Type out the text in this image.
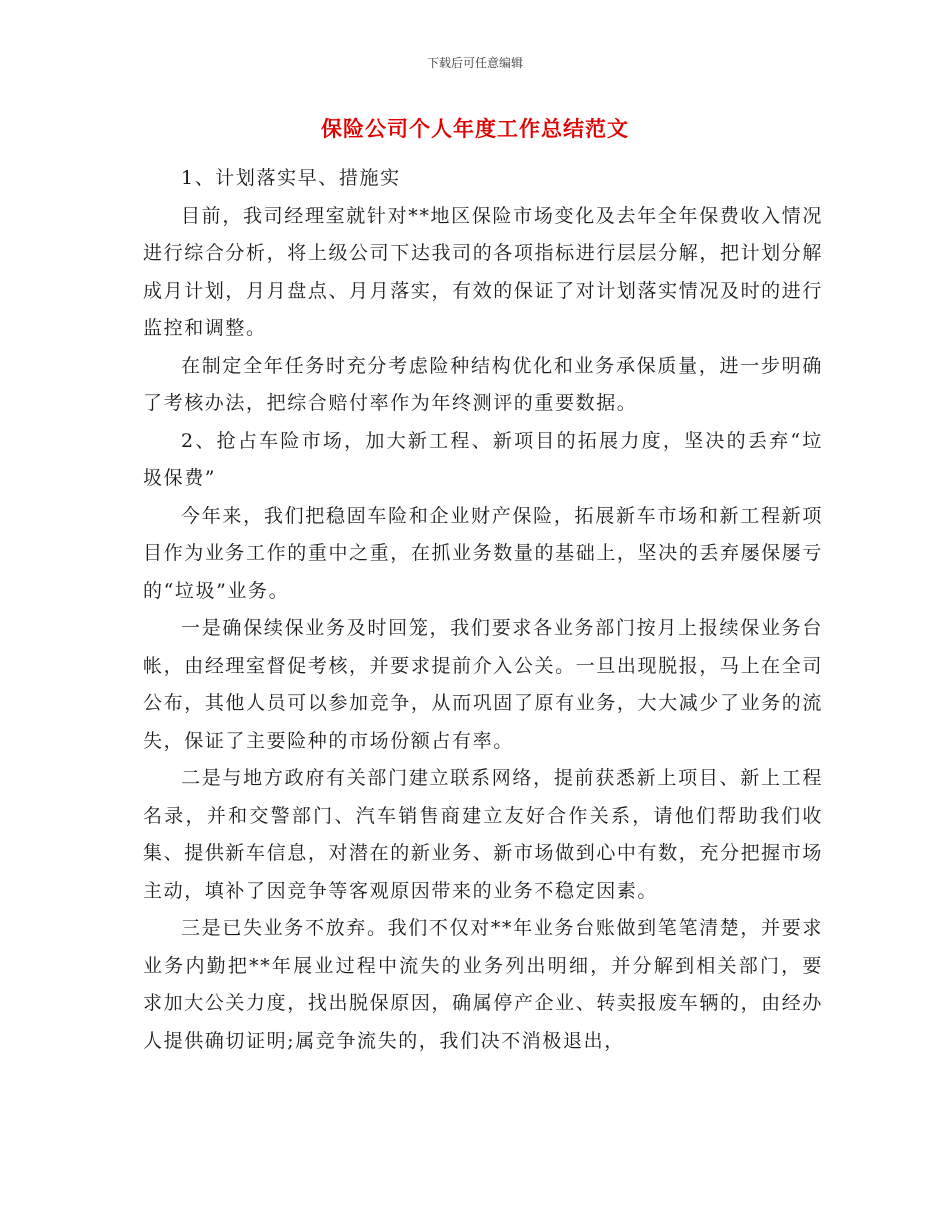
下载后可任意编辑
保险公司个人年度工作总结范文

1、计划落实早、措施实

目前，我司经理室就针对**地区保险市场变化及去年全年保费收入情况进行综合分析，将上级公司下达我司的各项指标进行层层分解，把计划分解成月计划，月月盘点、月月落实，有效的保证了对计划落实情况及时的进行监控和调整。

在制定全年任务时充分考虑险种结构优化和业务承保质量，进一步明确了考核办法，把综合赔付率作为年终测评的重要数据。

2、抢占车险市场，加大新工程、新项目的拓展力度，坚决的丢弃“垃圾保费”

今年来，我们把稳固车险和企业财产保险，拓展新车市场和新工程新项目作为业务工作的重中之重，在抓业务数量的基础上，坚决的丢弃屡保屡亏的“垃圾”业务。

一是确保续保业务及时回笼，我们要求各业务部门按月上报续保业务台帐，由经理室督促考核，并要求提前介入公关。一旦出现脱报，马上在全司公布，其他人员可以参加竞争，从而巩固了原有业务，大大减少了业务的流失，保证了主要险种的市场份额占有率。

二是与地方政府有关部门建立联系网络，提前获悉新上项目、新上工程名录，并和交警部门、汽车销售商建立友好合作关系，请他们帮助我们收集、提供新车信息，对潜在的新业务、新市场做到心中有数，充分把握市场主动，填补了因竞争等客观原因带来的业务不稳定因素。

三是已失业务不放弃。我们不仅对**年业务台账做到笔笔清楚，并要求业务内勤把**年展业过程中流失的业务列出明细，并分解到相关部门，要求加大公关力度，找出脱保原因，确属停产企业、转卖报废车辆的，由经办人提供确切证明;属竞争流失的，我们决不消极退出，
